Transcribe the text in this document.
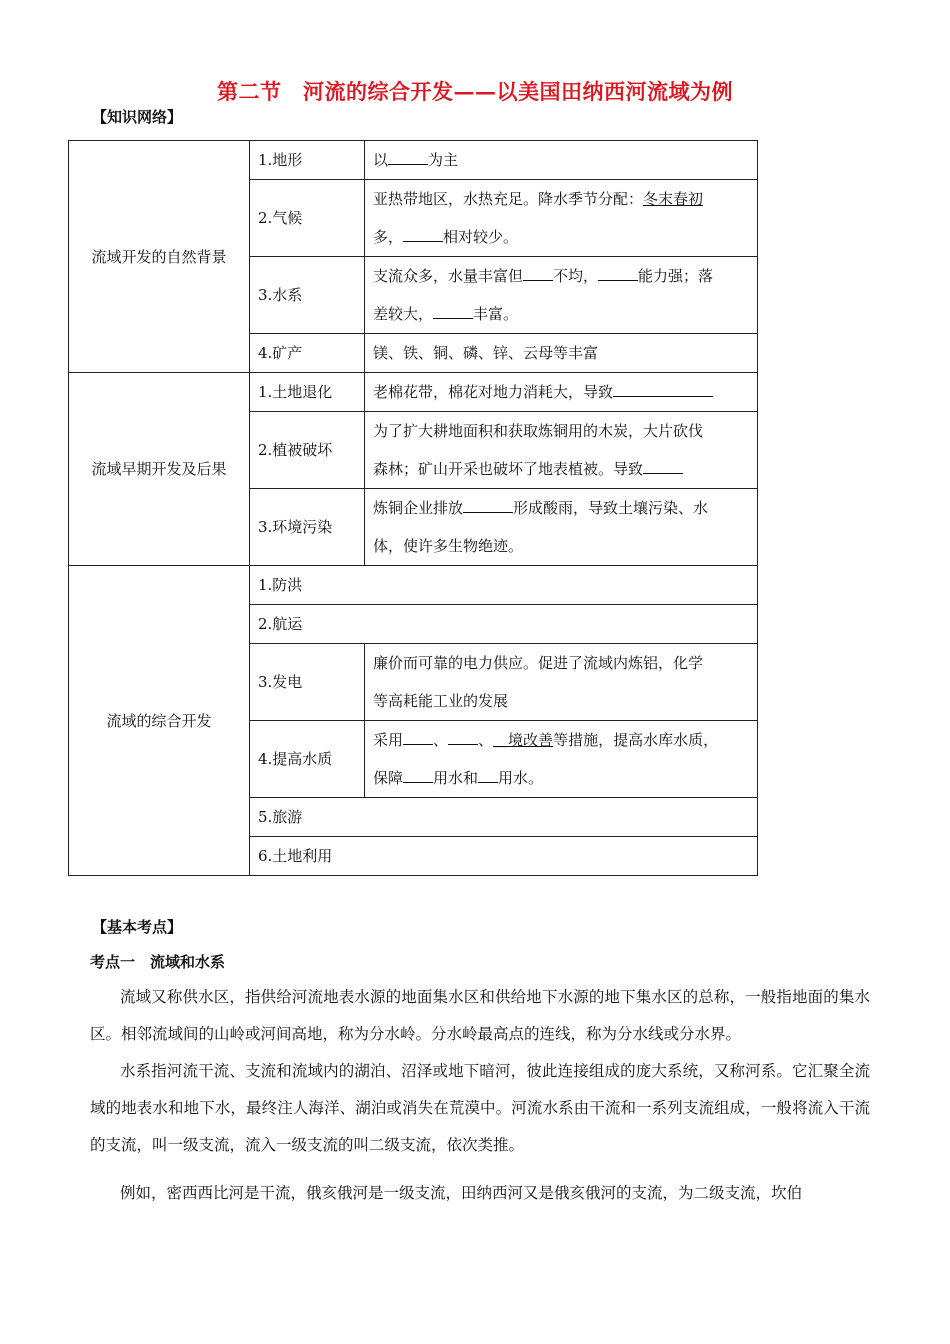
第二节　河流的综合开发——以美国田纳西河流域为例
【知识网络】
流域开发的自然背景	1.地形	以 为主

	2.气候	亚热带地区，水热充足。降水季节分配：冬末春初
多， 相对较少。

	3.水系	支流众多，水量丰富但 不均， 能力强；落
差较大， 丰富。

	4.矿产	镁、铁、铜、磷、锌、云母等丰富

流域早期开发及后果	1.土地退化	老棉花带，棉花对地力消耗大，导致

	2.植被破坏	为了扩大耕地面积和获取炼铜用的木炭，大片砍伐
森林；矿山开采也破坏了地表植被。导致

	3.环境污染	炼铜企业排放 形成酸雨，导致土壤污染、水
体，使许多生物绝迹。

流域的综合开发	1.防洪	
	2.航运	
	3.发电	廉价而可靠的电力供应。促进了流域内炼铝，化学
等高耗能工业的发展

	4.提高水质	采用 、 、＿境改善等措施，提高水库水质，
保障 用水和 用水。

	5.旅游	
	6.土地利用	
【基本考点】
考点一　流域和水系
流域又称供水区，指供给河流地表水源的地面集水区和供给地下水源的地下集水区的总称，一般指地面的集水区。相邻流域间的山岭或河间高地，称为分水岭。分水岭最高点的连线，称为分水线或分水界。
水系指河流干流、支流和流域内的湖泊、沼泽或地下暗河，彼此连接组成的庞大系统，又称河系。它汇聚全流域的地表水和地下水，最终注人海洋、湖泊或消失在荒漠中。河流水系由干流和一系列支流组成，一般将流入干流的支流，叫一级支流，流入一级支流的叫二级支流，依次类推。
例如，密西西比河是干流，俄亥俄河是一级支流，田纳西河又是俄亥俄河的支流，为二级支流，坎伯
